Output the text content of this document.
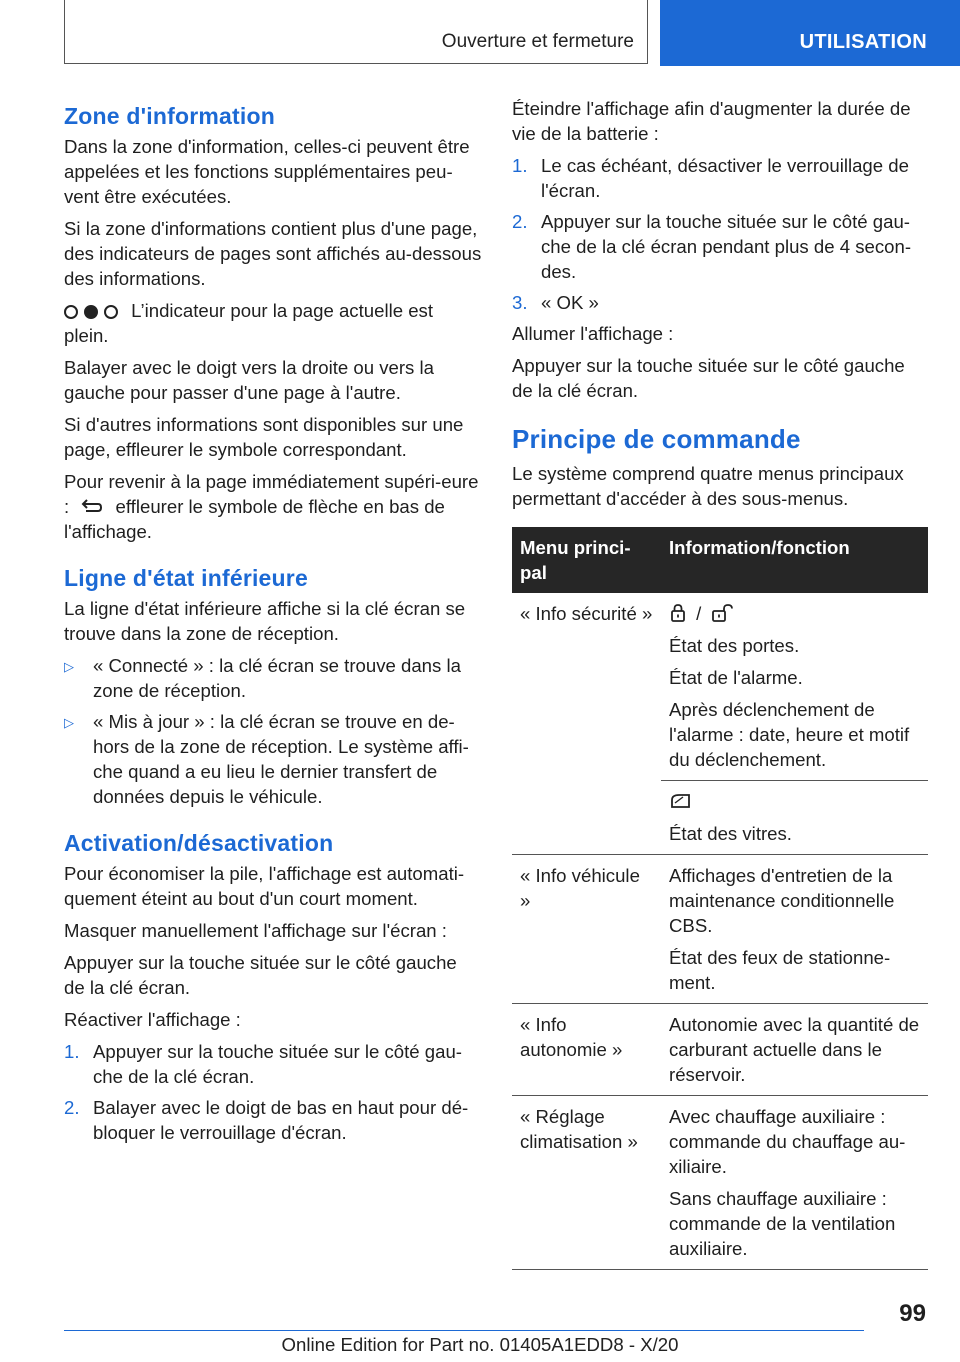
Ouverture et fermeture	UTILISATION
Zone d'information

Dans la zone d'information, celles-ci peuvent être appelées et les fonctions supplémentaires peu-vent être exécutées.

Si la zone d'informations contient plus d'une page, des indicateurs de pages sont affichés au-dessous des informations.

L’indicateur pour la page actuelle est plein.

Balayer avec le doigt vers la droite ou vers la gauche pour passer d'une page à l'autre.

Si d'autres informations sont disponibles sur une page, effleurer le symbole correspondant.

Pour revenir à la page immédiatement supéri-eure : effleurer le symbole de flèche en bas de l'affichage.

Ligne d'état inférieure

La ligne d'état inférieure affiche si la clé écran se trouve dans la zone de réception.

▷	« Connecté » : la clé écran se trouve dans la zone de réception.
▷	« Mis à jour » : la clé écran se trouve en de-hors de la zone de réception. Le système affi-che quand a eu lieu le dernier transfert de données depuis le véhicule.
Activation/désactivation

Pour économiser la pile, l'affichage est automati-quement éteint au bout d'un court moment.

Masquer manuellement l'affichage sur l'écran :

Appuyer sur la touche située sur le côté gauche de la clé écran.

Réactiver l'affichage :

1. Appuyer sur la touche située sur le côté gau-che de la clé écran.
2. Balayer avec le doigt de bas en haut pour dé-bloquer le verrouillage d'écran.

Éteindre l'affichage afin d'augmenter la durée de vie de la batterie :

1. Le cas échéant, désactiver le verrouillage de l'écran.
2. Appuyer sur la touche située sur le côté gau-che de la clé écran pendant plus de 4 secon-des.
3. « OK »

Allumer l'affichage :

Appuyer sur la touche située sur le côté gauche de la clé écran.

Principe de commande

Le système comprend quatre menus principaux permettant d'accéder à des sous-menus.

Menu princi-pal	Information/fonction
« Info sécurité »	/

État des portes.

État de l'alarme.

Après déclenchement de l'alarme : date, heure et motif du déclenchement.

	État des vitres.

« Info véhicule »	Affichages d'entretien de la maintenance conditionnelle CBS.

État des feux de stationne-ment.

« Info autonomie »	Autonomie avec la quantité de carburant actuelle dans le réservoir.

« Réglage climatisation »	Avec chauffage auxiliaire : commande du chauffage au-xiliaire.

Sans chauffage auxiliaire : commande de la ventilation auxiliaire.

99
Online Edition for Part no. 01405A1EDD8 - X/20
